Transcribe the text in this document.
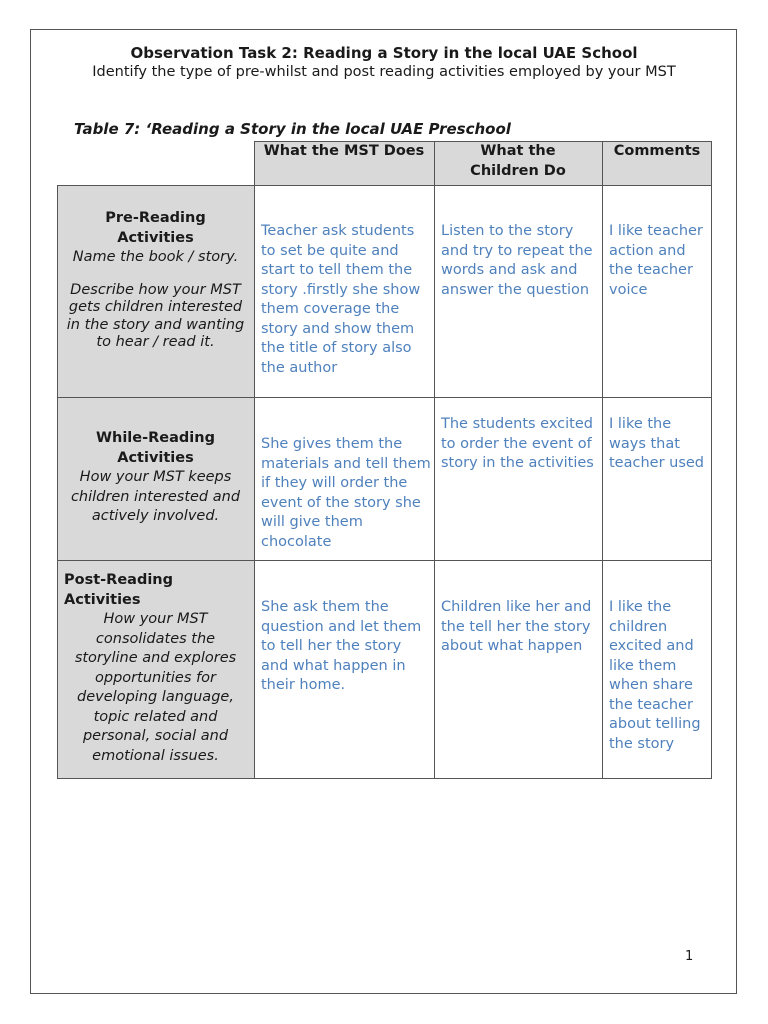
Observation Task 2: Reading a Story in the local UAE School
Identify the type of pre-whilst and post reading activities employed by your MST
Table 7: ‘Reading a Story in the local UAE Preschool
What the MST Does	What the Children Do
Comments
Pre-Reading Activities
Name the book / story.
Describe how your MST gets children interested in the story and wanting to hear / read it.
Teacher ask students to set be quite and start to tell them the story .firstly she show them coverage the story and show them the title of story also the author
Listen to the story and try to repeat the words and ask and answer the question
I like teacher action and the teacher voice
While-Reading Activities
How your MST keeps children interested and actively involved.
She gives them the materials and tell them if they will order the event of the story she will give them chocolate
The students excited to order the event of story in the activities
I like the ways that teacher used
Post-Reading Activities
How your MST consolidates the storyline and explores opportunities for developing language, topic related and personal, social and emotional issues.
She ask them the question and let them to tell her the story and what happen in their home.
Children like her and the tell her the story about what happen
I like the children excited and like them when share the teacher about telling the story
1
